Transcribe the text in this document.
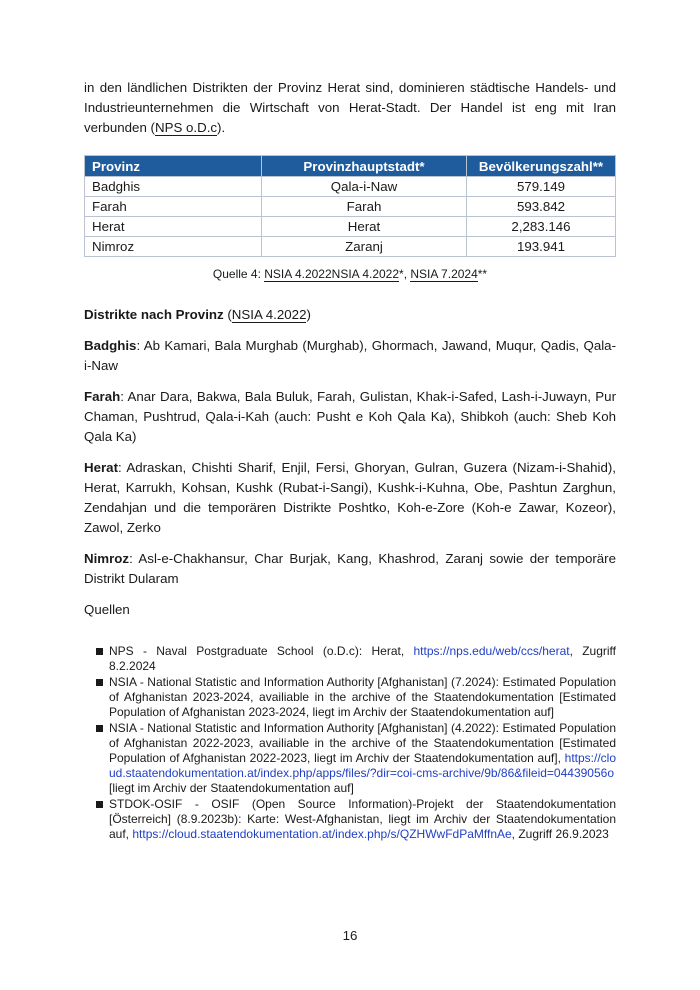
in den ländlichen Distrikten der Provinz Herat sind, dominieren städtische Handels- und Industrieunternehmen die Wirtschaft von Herat-Stadt. Der Handel ist eng mit Iran verbunden (NPS o.D.c).

Provinz	Provinzhauptstadt*	Bevölkerungszahl**
Badghis	Qala-i-Naw	579.149
Farah	Farah	593.842
Herat	Herat	2,283.146
Nimroz	Zaranj	193.941

Quelle 4: NSIA 4.2022NSIA 4.2022*, NSIA 7.2024**

Distrikte nach Provinz (NSIA 4.2022)

Badghis: Ab Kamari, Bala Murghab (Murghab), Ghormach, Jawand, Muqur, Qadis, Qala-i-Naw

Farah: Anar Dara, Bakwa, Bala Buluk, Farah, Gulistan, Khak-i-Safed, Lash-i-Juwayn, Pur Chaman, Pushtrud, Qala-i-Kah (auch: Pusht e Koh Qala Ka), Shibkoh (auch: Sheb Koh Qala Ka)

Herat: Adraskan, Chishti Sharif, Enjil, Fersi, Ghoryan, Gulran, Guzera (Nizam-i-Shahid), Herat, Karrukh, Kohsan, Kushk (Rubat-i-Sangi), Kushk-i-Kuhna, Obe, Pashtun Zarghun, Zendahjan und die temporären Distrikte Poshtko, Koh-e-Zore (Koh-e Zawar, Kozeor), Zawol, Zerko

Nimroz: Asl-e-Chakhansur, Char Burjak, Kang, Khashrod, Zaranj sowie der temporäre Distrikt Dularam

Quellen

NPS - Naval Postgraduate School (o.D.c): Herat, https://nps.edu/web/ccs/herat, Zugriff 8.2.2024
NSIA - National Statistic and Information Authority [Afghanistan] (7.2024): Estimated Population of Afghanistan 2023-2024, availiable in the archive of the Staatendokumentation [Estimated Population of Afghanistan 2023-2024, liegt im Archiv der Staatendokumentation auf]
NSIA - National Statistic and Information Authority [Afghanistan] (4.2022): Estimated Population of Afghanistan 2022-2023, availiable in the archive of the Staatendokumentation [Estimated Population of Afghanistan 2022-2023, liegt im Archiv der Staatendokumentation auf], https://cloud.staatendokumentation.at/index.php/apps/files/?dir=coi-cms-archive/9b/86&fileid=04439056o [liegt im Archiv der Staatendokumentation auf]
STDOK-OSIF - OSIF (Open Source Information)-Projekt der Staatendokumentation [Österreich] (8.9.2023b): Karte: West-Afghanistan, liegt im Archiv der Staatendokumentation auf, https://cloud.staatendokumentation.at/index.php/s/QZHWwFdPaMffnAe, Zugriff 26.9.2023
16
